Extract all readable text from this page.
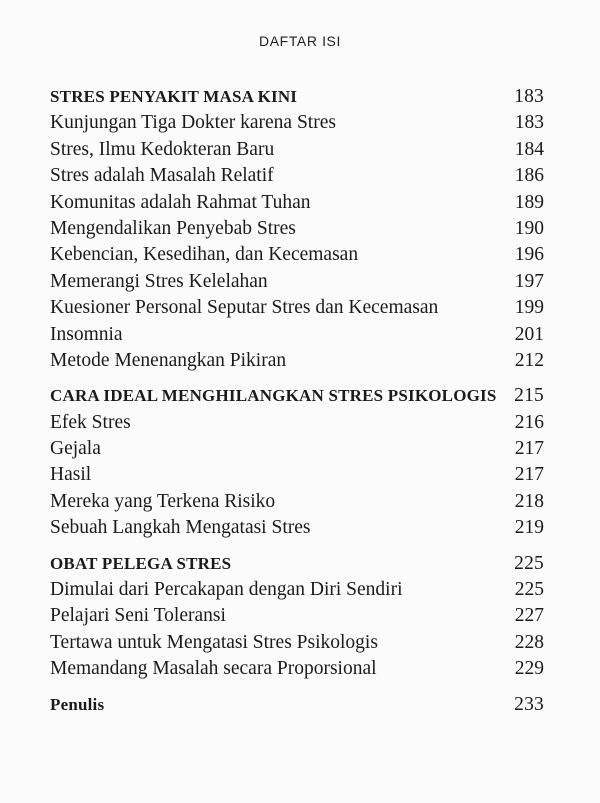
DAFTAR ISI
STRES PENYAKIT MASA KINI	183
Kunjungan Tiga Dokter karena Stres	183
Stres, Ilmu Kedokteran Baru	184
Stres adalah Masalah Relatif	186
Komunitas adalah Rahmat Tuhan	189
Mengendalikan Penyebab Stres	190
Kebencian, Kesedihan, dan Kecemasan	196
Memerangi Stres Kelelahan	197
Kuesioner Personal Seputar Stres dan Kecemasan	199
Insomnia	201
Metode Menenangkan Pikiran	212
CARA IDEAL MENGHILANGKAN STRES PSIKOLOGIS 215
Efek Stres	216
Gejala	217
Hasil	217
Mereka yang Terkena Risiko	218
Sebuah Langkah Mengatasi Stres	219
OBAT PELEGA STRES	225
Dimulai dari Percakapan dengan Diri Sendiri	225
Pelajari Seni Toleransi	227
Tertawa untuk Mengatasi Stres Psikologis	228
Memandang Masalah secara Proporsional	229
Penulis	233
